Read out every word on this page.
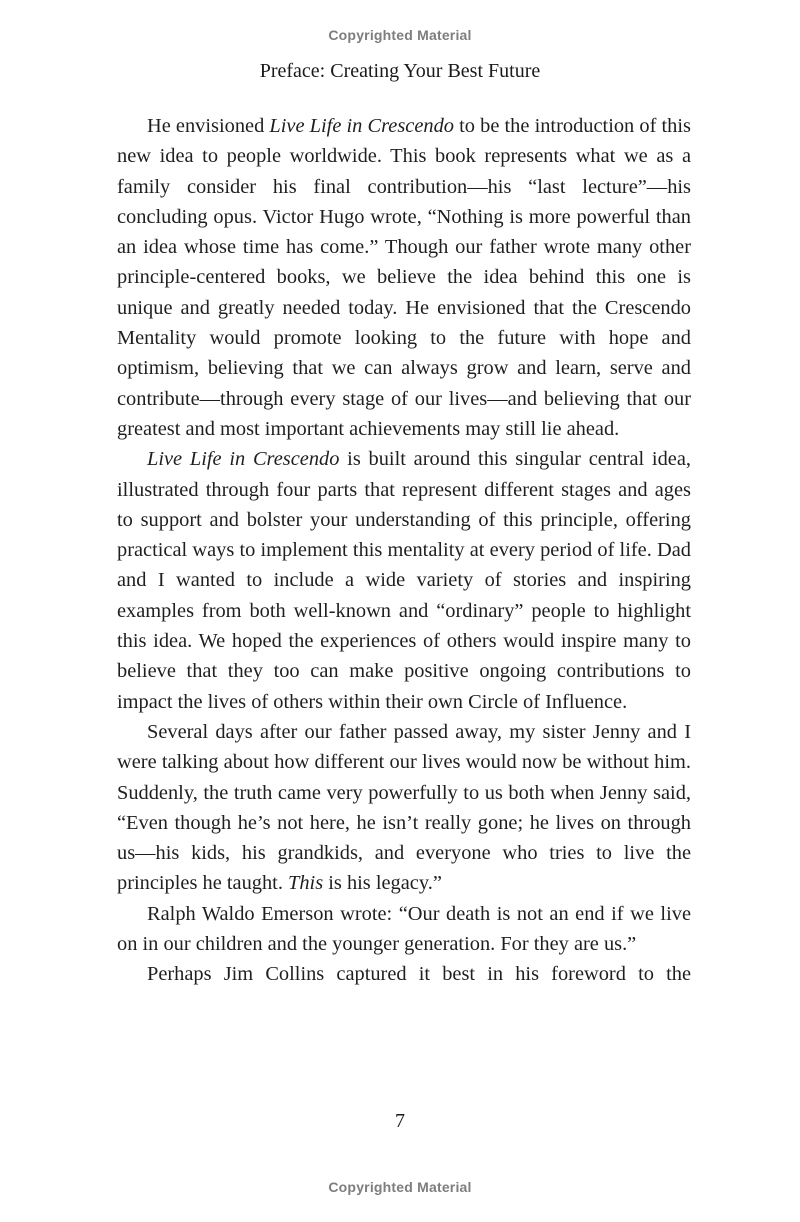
Copyrighted Material
Preface: Creating Your Best Future

He envisioned Live Life in Crescendo to be the introduction of this new idea to people worldwide. This book represents what we as a family consider his final contribution—his “last lecture”—his concluding opus. Victor Hugo wrote, “Nothing is more powerful than an idea whose time has come.” Though our father wrote many other principle-centered books, we believe the idea behind this one is unique and greatly needed today. He envisioned that the Crescendo Mentality would promote looking to the future with hope and optimism, believing that we can always grow and learn, serve and contribute—through every stage of our lives—and believing that our greatest and most important achievements may still lie ahead.

Live Life in Crescendo is built around this singular central idea, illustrated through four parts that represent different stages and ages to support and bolster your understanding of this principle, offering practical ways to implement this mentality at every period of life. Dad and I wanted to include a wide variety of stories and inspiring examples from both well-known and “ordinary” people to highlight this idea. We hoped the experiences of others would inspire many to believe that they too can make positive ongoing contributions to impact the lives of others within their own Circle of Influence.

Several days after our father passed away, my sister Jenny and I were talking about how different our lives would now be without him. Suddenly, the truth came very powerfully to us both when Jenny said, “Even though he’s not here, he isn’t really gone; he lives on through us—his kids, his grandkids, and everyone who tries to live the principles he taught. This is his legacy.”

Ralph Waldo Emerson wrote: “Our death is not an end if we live on in our children and the younger generation. For they are us.”

Perhaps Jim Collins captured it best in his foreword to the

7
Copyrighted Material
